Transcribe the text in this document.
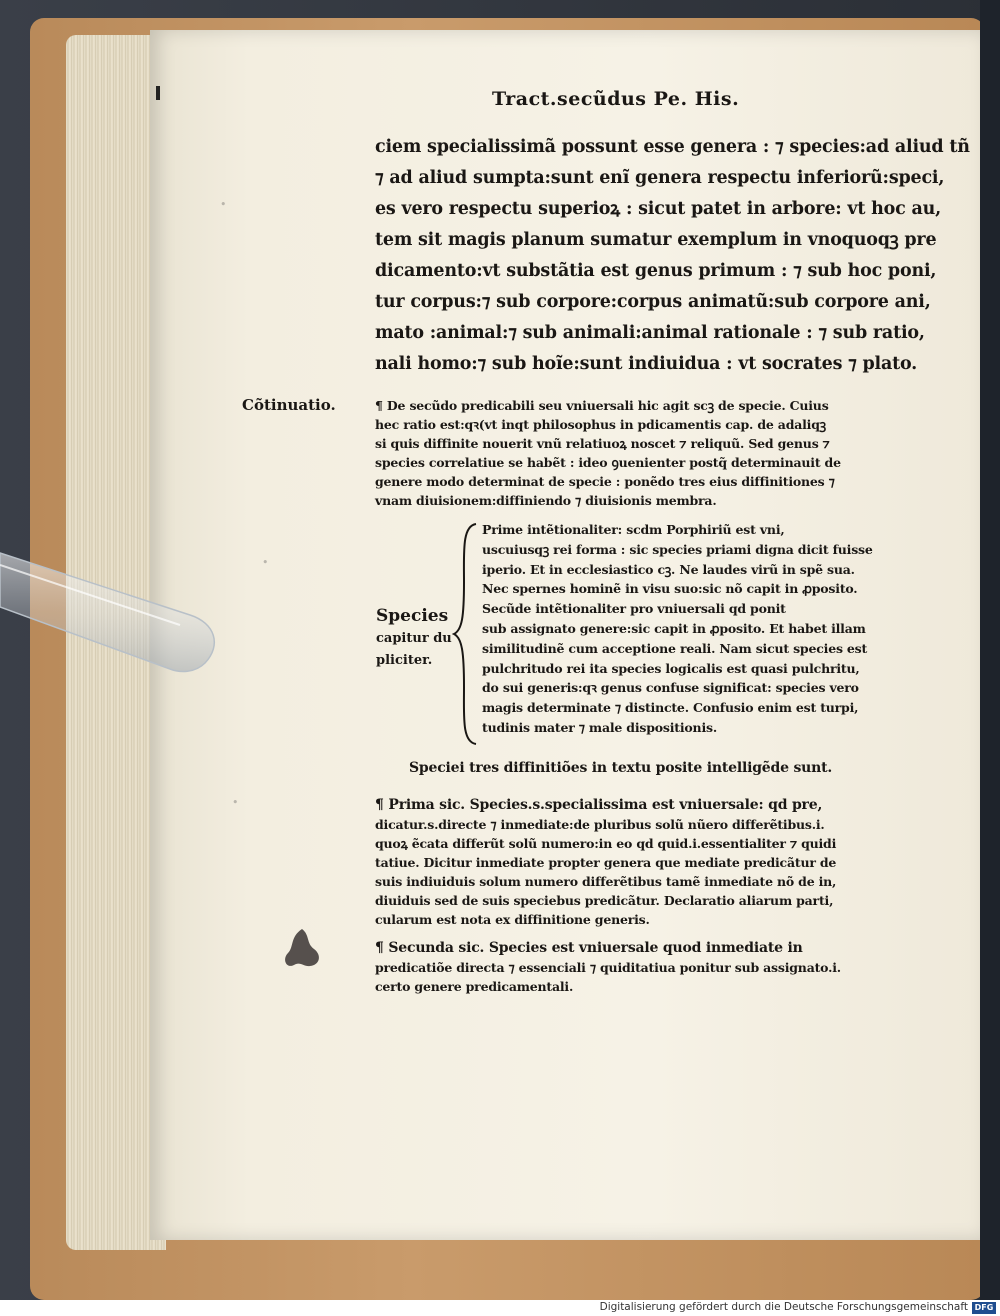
•
•
•
Tract.secũdus Pe. His.
ciem specialissimã possunt esse genera : ⁊ species:ad aliud tñ
⁊ ad aliud sumpta:sunt enĩ genera respectu inferiorũ:speci,
es vero respectu superioꝝ : sicut patet in arbore: vt hoc au,
tem sit magis planum sumatur exemplum in vnoquoqꝫ pre
dicamento:vt substãtia est genus primum : ⁊ sub hoc poni,
tur corpus:⁊ sub corpore:corpus animatũ:sub corpore ani,
mato :animal:⁊ sub animali:animal rationale : ⁊ sub ratio,
nali homo:⁊ sub hoĩe:sunt indiuidua : vt socrates ⁊ plato.
Cõtinuatio.	¶ De secũdo predicabili seu vniuersali hic agit scꝫ de specie. Cuius
hec ratio est:qꝛ(vt inqt philosophus in pdicamentis cap. de adaliqꝫ
si quis diffinite nouerit vnũ relatiuoꝝ noscet ⁊ reliquũ. Sed genus ⁊
species correlatiue se habẽt : ideo ꝯuenienter postq̃ determinauit de
genere modo determinat de specie : ponẽdo tres eius diffinitiones ⁊
vnam diuisionem:diffiniendo ⁊ diuisionis membra.
Species
capitur du
pliciter.
Prime intẽtionaliter: scdm Porphiriũ est vni,
uscuiusqꝫ rei forma : sic species priami digna dicit fuisse
iperio. Et in ecclesiastico cꝫ. Ne laudes virũ in spẽ sua.
Nec spernes hominẽ in visu suo:sic nõ capit in ꝓposito.
Secũde intẽtionaliter pro vniuersali qd ponit
sub assignato genere:sic capit in ꝓposito. Et habet illam
similitudinẽ cum acceptione reali. Nam sicut species est
pulchritudo rei ita species logicalis est quasi pulchritu,
do sui generis:qꝛ genus confuse significat: species vero
magis determinate ⁊ distincte. Confusio enim est turpi,
tudinis mater ⁊ male dispositionis.
Speciei tres diffinitiões in textu posite intelligẽde sunt.
¶ Prima sic. Species.s.specialissima est vniuersale: qd pre,
dicatur.s.directe ⁊ inmediate:de pluribus solũ nũero differẽtibus.i.
quoꝝ ẽcata differũt solũ numero:in eo qd quid.i.essentialiter ⁊ quidi
tatiue. Dicitur inmediate propter genera que mediate predicãtur de
suis indiuiduis solum numero differẽtibus tamẽ inmediate nõ de in,
diuiduis sed de suis speciebus predicãtur. Declaratio aliarum parti,
cularum est nota ex diffinitione generis.
¶ Secunda sic. Species est vniuersale quod inmediate in
predicatiõe directa ⁊ essenciali ⁊ quiditatiua ponitur sub assignato.i.
certo genere predicamentali.
Digitalisierung gefördert durch die Deutsche Forschungsgemeinschaft DFG
